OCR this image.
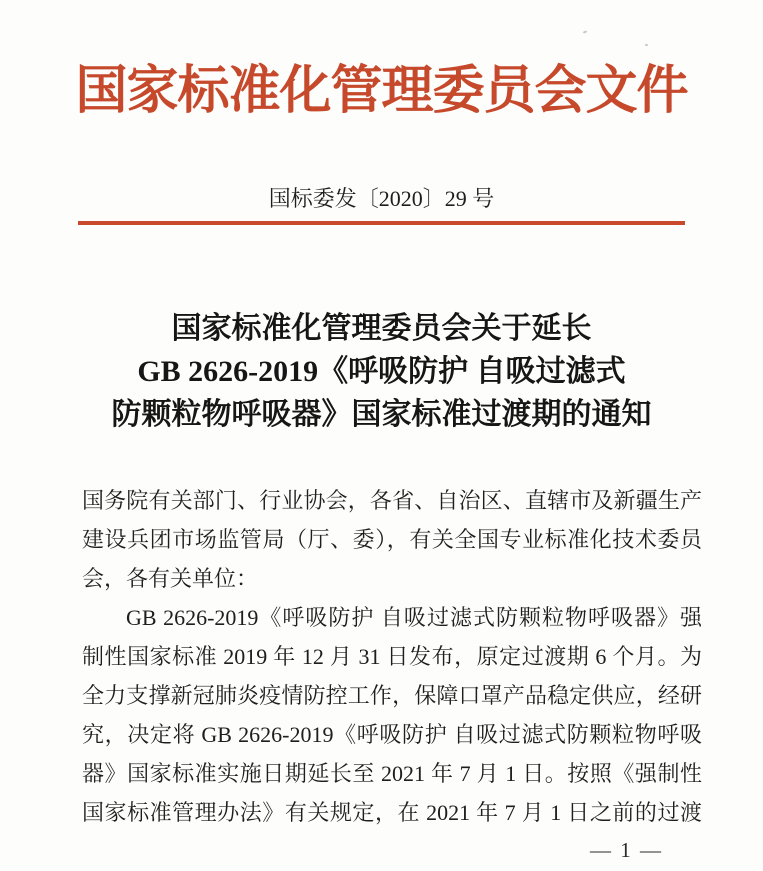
国家标准化管理委员会文件
国标委发〔2020〕29 号
国家标准化管理委员会关于延长
GB 2626-2019《呼吸防护 自吸过滤式
防颗粒物呼吸器》国家标准过渡期的通知
国务院有关部门、行业协会，各省、自治区、直辖市及新疆生产
建设兵团市场监管局（厅、委），有关全国专业标准化技术委员
会，各有关单位：
GB 2626-2019《呼吸防护 自吸过滤式防颗粒物呼吸器》强
制性国家标准 2019 年 12 月 31 日发布，原定过渡期 6 个月。为
全力支撑新冠肺炎疫情防控工作，保障口罩产品稳定供应，经研
究，决定将 GB 2626-2019《呼吸防护 自吸过滤式防颗粒物呼吸
器》国家标准实施日期延长至 2021 年 7 月 1 日。按照《强制性
国家标准管理办法》有关规定，在 2021 年 7 月 1 日之前的过渡
— 1 —
